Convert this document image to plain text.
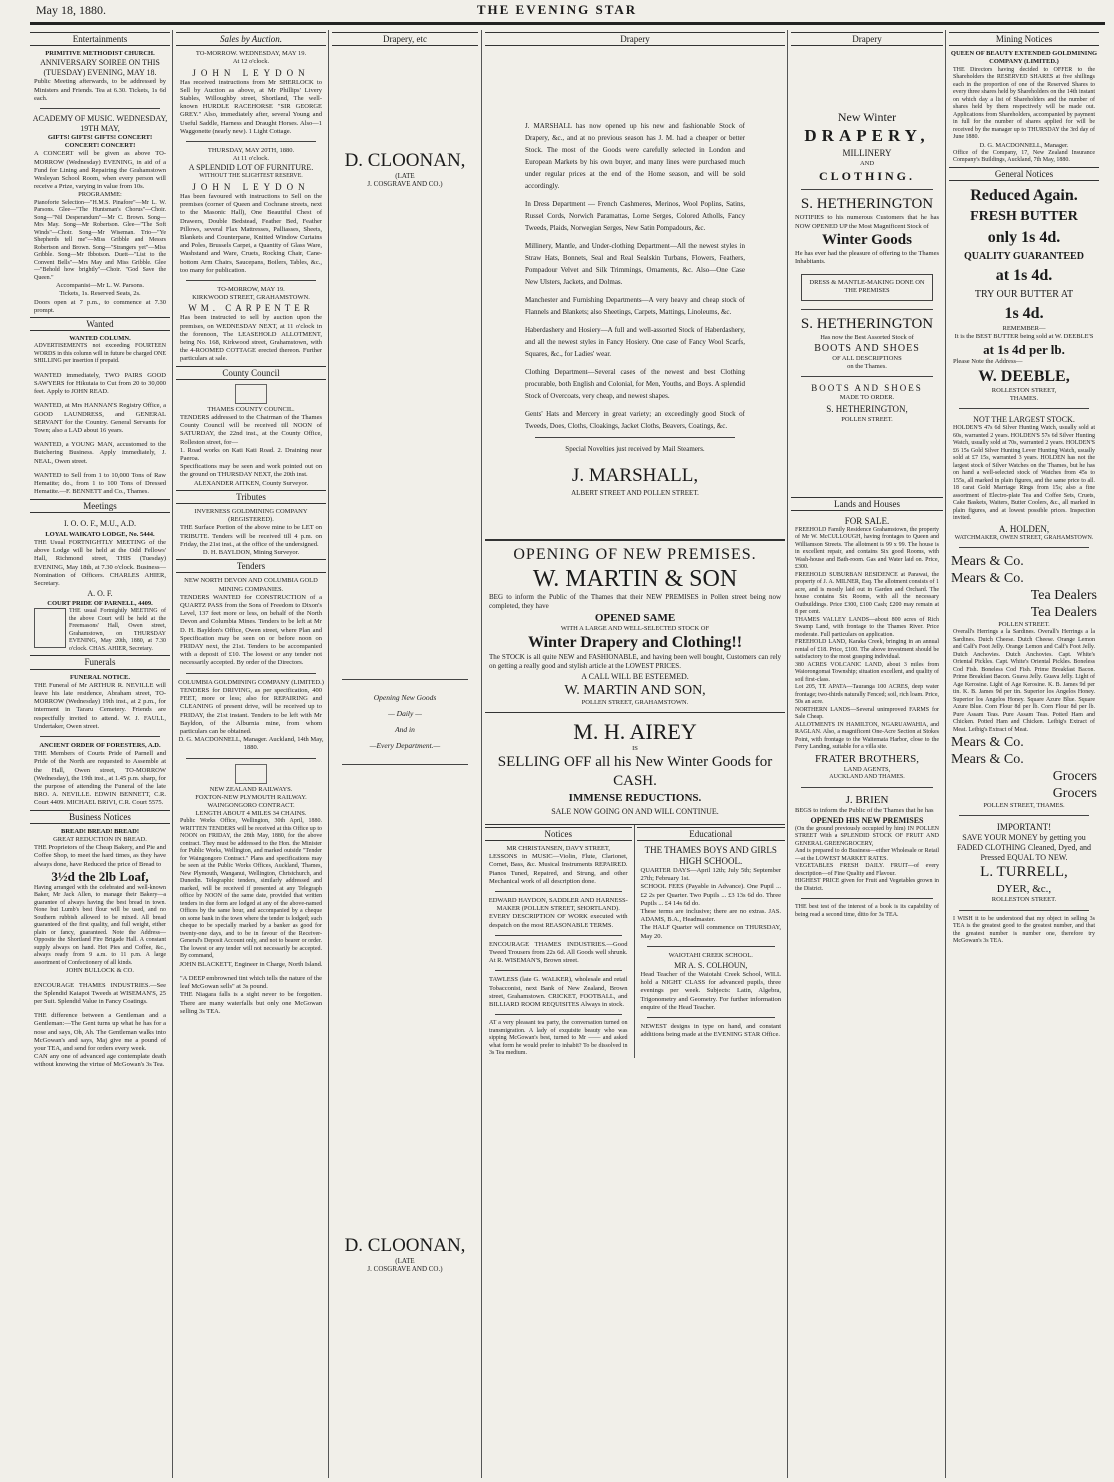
May 18, 1880.	THE EVENING STAR
Entertainments
PRIMITIVE METHODIST CHURCH.
ANNIVERSARY SOIREE ON THIS (TUESDAY) EVENING, MAY 18.
Public Meeting afterwards, to be addressed by Ministers and Friends. Tea at 6.30. Tickets, 1s 6d each.
ACADEMY OF MUSIC. WEDNESDAY, 19TH MAY,
GIFTS! GIFTS! GIFTS! CONCERT! CONCERT! CONCERT!
A CONCERT will be given as above TO-MORROW (Wednesday) EVENING, in aid of a Fund for Lining and Repairing the Grahamstown Wesleyan School Room, when every person will receive a Prize, varying in value from 10s.
PROGRAMME:
Pianoforte Selection—"H.M.S. Pinafore"—Mr L. W. Parsons. Glee—"The Huntsman's Chorus"—Choir. Song—"Nil Desperandum"—Mr C. Brown. Song—Mrs May. Song—Mr Robertson. Glee—"The Soft Winds"—Choir. Song—Mr Wiseman. Trio—"Ye Shepherds tell me"—Miss Gribble and Messrs Robertson and Brown. Song—"Strangers yet"—Miss Gribble. Song—Mr Ibbotson. Duett—"List to the Convent Bells"—Mrs May and Miss Gribble. Glee—"Behold how brightly"—Choir. "God Save the Queen."
Accompanist—Mr L. W. Parsons.
Tickets, 1s. Reserved Seats, 2s.
Doors open at 7 p.m., to commence at 7.30 prompt.
Wanted
WANTED COLUMN.
ADVERTISEMENTS not exceeding FOURTEEN WORDS in this column will in future be charged ONE SHILLING per insertion if prepaid.
WANTED immediately, TWO PAIRS GOOD SAWYERS for Hikutaia to Cut from 20 to 30,000 feet. Apply to JOHN READ.
WANTED, at Mrs HANNAN'S Registry Office, a GOOD LAUNDRESS, and GENERAL SERVANT for the Country. General Servants for Town; also a LAD about 16 years.
WANTED, a YOUNG MAN, accustomed to the Butchering Business. Apply immediately, J. NEAL, Owen street.
WANTED to Sell from 1 to 10,000 Tons of Raw Hematite; do., from 1 to 100 Tons of Dressed Hematite.—F. BENNETT and Co., Thames.
Meetings
I. O. O. F., M.U., A.D.
LOYAL WAIKATO LODGE, No. 5444.
THE Usual FORTNIGHTLY MEETING of the above Lodge will be held at the Odd Fellows' Hall, Richmond street, THIS (Tuesday) EVENING, May 18th, at 7.30 o'clock. Business—Nomination of Officers. CHARLES AHIER, Secretary.
A. O. F.
COURT PRIDE OF PARNELL, 4409.
THE usual Fortnightly MEETING of the above Court will be held at the Freemasons' Hall, Owen street, Grahamstown, on THURSDAY EVENING, May 20th, 1880, at 7.30 o'clock. CHAS. AHIER, Secretary.
Funerals
FUNERAL NOTICE.
THE Funeral of Mr ARTHUR R. NEVILLE will leave his late residence, Abraham street, TO-MORROW (Wednesday) 19th inst., at 2 p.m., for interment in Tararu Cemetery. Friends are respectfully invited to attend. W. J. FAULL, Undertaker, Owen street.
ANCIENT ORDER OF FORESTERS, A.D.
THE Members of Courts Pride of Parnell and Pride of the North are requested to Assemble at the Hall, Owen street, TO-MORROW (Wednesday), the 19th inst., at 1.45 p.m. sharp, for the purpose of attending the Funeral of the late BRO. A. NEVILLE. EDWIN BENNETT, C.R. Court 4409. MICHAEL BRIVI, C.R. Court 5575.
Business Notices
BREAD! BREAD! BREAD!
GREAT REDUCTION IN BREAD.
THE Proprietors of the Cheap Bakery, and Pie and Coffee Shop, to meet the hard times, as they have always done, have Reduced the price of Bread to
3½d the 2lb Loaf,
Having arranged with the celebrated and well-known Baker, Mr Jack Allen, to manage their Bakery—a guarantee of always having the best bread in town. None but Lumb's best flour will be used, and no Southern rubbish allowed to be mixed. All bread guaranteed of the first quality, and full weight, either plain or fancy, guaranteed. Note the Address—Opposite the Shortland Fire Brigade Hall. A constant supply always on hand. Hot Pies and Coffee, &c., always ready from 9 a.m. to 11 p.m. A large assortment of Confectionery of all kinds.
JOHN BULLOCK & CO.
ENCOURAGE THAMES INDUSTRIES.—See the Splendid Kaiapoi Tweeds at WISEMAN'S, 25 per Suit. Splendid Value in Fancy Coatings.
THE difference between a Gentleman and a Gentleman:—The Gent turns up what he has for a nose and says, Oh, Ah. The Gentleman walks into McGowan's and says, Maj give me a pound of your TEA, and send for orders every week.
CAN any one of advanced age contemplate death without knowing the virtue of McGowan's 3s Tea.
Sales by Auction.
TO-MORROW. WEDNESDAY, MAY 19.
At 12 o'clock.
JOHN LEYDON
Has received instructions from Mr SHERLOCK to Sell by Auction as above, at Mr Phillips' Livery Stables, Willoughby street, Shortland, The well-known HURDLE RACEHORSE "SIR GEORGE GREY." Also, immediately after, several Young and Useful Saddle, Harness and Draught Horses. Also—1 Waggonette (nearly new). 1 Light Cottage.
THURSDAY, MAY 20TH, 1880.
At 11 o'clock.
A SPLENDID LOT OF FURNITURE.
WITHOUT THE SLIGHTEST RESERVE.
JOHN LEYDON
Has been favoured with instructions to Sell on the premises (corner of Queen and Cochrane streets, next to the Masonic Hall), One Beautiful Chest of Drawers, Double Bedstead, Feather Bed, Feather Pillows, several Flax Mattresses, Palliasses, Sheets, Blankets and Counterpane, Knitted Window Curtains and Poles, Brussels Carpet, a Quantity of Glass Ware, Washstand and Ware, Cruets, Rocking Chair, Cane-bottom Arm Chairs, Saucepans, Boilers, Tables, &c., too many for publication.
TO-MORROW, MAY 19.
KIRKWOOD STREET, GRAHAMSTOWN.
WM. CARPENTER
Has been instructed to sell by auction upon the premises, on WEDNESDAY NEXT, at 11 o'clock in the forenoon, The LEASEHOLD ALLOTMENT, being No. 168, Kirkwood street, Grahamstown, with the 4-ROOMED COTTAGE erected thereon. Further particulars at sale.
County Council
THAMES COUNTY COUNCIL.
TENDERS addressed to the Chairman of the Thames County Council will be received till NOON of SATURDAY, the 22nd inst., at the County Office, Rolleston street, for—
1. Road works on Kati Kati Road. 2. Draining near Paeroa.
Specifications may be seen and work pointed out on the ground on THURSDAY NEXT, the 20th inst.
ALEXANDER AITKEN, County Surveyor.
Tributes
INVERNESS GOLDMINING COMPANY (REGISTERED).
THE Surface Portion of the above mine to be LET on TRIBUTE. Tenders will be received till 4 p.m. on Friday, the 21st inst., at the office of the undersigned.
D. H. BAYLDON, Mining Surveyor.
Tenders
NEW NORTH DEVON AND COLUMBIA GOLD MINING COMPANIES.
TENDERS WANTED for CONSTRUCTION of a QUARTZ PASS from the Sons of Freedom to Dixon's Level, 137 feet more or less, on behalf of the North Devon and Columbia Mines. Tenders to be left at Mr D. H. Bayldon's Office, Owen street, where Plan and Specification may be seen on or before noon on FRIDAY next, the 21st. Tenders to be accompanied with a deposit of £10. The lowest or any tender not necessarily accepted. By order of the Directors.
COLUMBIA GOLDMINING COMPANY (LIMITED.)
TENDERS for DRIVING, as per specification, 400 FEET, more or less; also for REPAIRING and CLEANING of present drive, will be received up to FRIDAY, the 21st instant. Tenders to be left with Mr Bayldon, of the Alburnia mine, from whom particulars can be obtained.
D. G. MACDONNELL, Manager. Auckland, 14th May, 1880.
NEW ZEALAND RAILWAYS.
FOXTON-NEW PLYMOUTH RAILWAY.
WAINGONGORO CONTRACT.
LENGTH ABOUT 4 MILES 34 CHAINS.
Public Works Office, Wellington, 30th April, 1880. WRITTEN TENDERS will be received at this Office up to NOON on FRIDAY, the 28th May, 1880, for the above contract. They must be addressed to the Hon. the Minister for Public Works, Wellington, and marked outside "Tender for Waingongoro Contract." Plans and specifications may be seen at the Public Works Offices, Auckland, Thames, New Plymouth, Wanganui, Wellington, Christchurch, and Dunedin. Telegraphic tenders, similarly addressed and marked, will be received if presented at any Telegraph office by NOON of the same date, provided that written tenders in due form are lodged at any of the above-named Offices by the same hour, and accompanied by a cheque on some bank in the town where the tender is lodged; such cheque to be specially marked by a banker as good for twenty-one days, and to be in favour of the Receiver-General's Deposit Account only, and not to bearer or order. The lowest or any tender will not necessarily be accepted. By command,
JOHN BLACKETT, Engineer in Charge, North Island.
"A DEEP embrowned tint which tells the nature of the leaf McGowan sells" at 3s pound.
THE Niagara falls is a sight never to be forgotten. There are many waterfalls but only one McGowan selling 3s TEA.
Drapery, etc
D. CLOONAN,
(LATE
J. COSGRAVE AND CO.)
Opening New Goods
— Daily —
And in
—Every Department.—
D. CLOONAN,
(LATE
J. COSGRAVE AND CO.)
Drapery
J. MARSHALL has now opened up his new and fashionable Stock of Drapery, &c., and at no previous season has J. M. had a cheaper or better Stock. The most of the Goods were carefully selected in London and European Markets by his own buyer, and many lines were purchased much under regular prices at the end of the Home season, and will be sold accordingly.
In Dress Department — French Cashmeres, Merinos, Wool Poplins, Satins, Russel Cords, Norwich Paramattas, Lorne Serges, Colored Atholls, Fancy Tweeds, Plaids, Norwegian Serges, New Satin Pompadours, &c.
Millinery, Mantle, and Under-clothing Department—All the newest styles in Straw Hats, Bonnets, Seal and Real Sealskin Turbans, Flowers, Feathers, Pompadour Velvet and Silk Trimmings, Ornaments, &c. Also—One Case New Ulsters, Jackets, and Dolmas.
Manchester and Furnishing Departments—A very heavy and cheap stock of Flannels and Blankets; also Sheetings, Carpets, Mattings, Linoleums, &c.
Haberdashery and Hosiery—A full and well-assorted Stock of Haberdashery, and all the newest styles in Fancy Hosiery. One case of Fancy Wool Scarfs, Squares, &c., for Ladies' wear.
Clothing Department—Several cases of the newest and best Clothing procurable, both English and Colonial, for Men, Youths, and Boys. A splendid Stock of Overcoats, very cheap, and newest shapes.
Gents' Hats and Mercery in great variety; an exceedingly good Stock of Tweeds, Does, Cloths, Cloakings, Jacket Cloths, Beavers, Coatings, &c.
Special Novelties just received by Mail Steamers.
J. MARSHALL,
ALBERT STREET AND POLLEN STREET.
OPENING OF NEW PREMISES.
W. MARTIN & SON
BEG to inform the Public of the Thames that their NEW PREMISES in Pollen street being now completed, they have
OPENED SAME
WITH A LARGE AND WELL-SELECTED STOCK OF
Winter Drapery and Clothing!!
The STOCK is all quite NEW and FASHIONABLE, and having been well bought, Customers can rely on getting a really good and stylish article at the LOWEST PRICES.
A CALL WILL BE ESTEEMED.
W. MARTIN AND SON,
POLLEN STREET, GRAHAMSTOWN.
M. H. AIREY
IS
SELLING OFF all his New Winter Goods for CASH.
IMMENSE REDUCTIONS.
SALE NOW GOING ON AND WILL CONTINUE.
Notices
MR CHRISTANSEN, DAVY STREET,
LESSONS in MUSIC—Violin, Flute, Clarionet, Cornet, Bass, &c. Musical Instruments REPAIRED. Pianos Tuned, Repaired, and Strung, and other Mechanical work of all description done.
EDWARD HAYDON, SADDLER AND HARNESS-MAKER (POLLEN STREET, SHORTLAND).
EVERY DESCRIPTION OF WORK executed with despatch on the most REASONABLE TERMS.
ENCOURAGE THAMES INDUSTRIES.—Good Tweed Trousers from 22s 6d. All Goods well shrunk. At R. WISEMAN'S, Brown street.
TAWLESS (late G. WALKER), wholesale and retail Tobacconist, next Bank of New Zealand, Brown street, Grahamstown. CRICKET, FOOTBALL, and BILLIARD ROOM REQUISITES Always in stock.
AT a very pleasant tea party, the conversation turned on transmigration. A lady of exquisite beauty who was sipping McGowan's best, turned to Mr —— and asked what form he would prefer to inhabit? To be dissolved in 3s Tea medium.
Educational
THE THAMES BOYS AND GIRLS HIGH SCHOOL.
QUARTER DAYS—April 12th; July 5th; September 27th; February 1st.
SCHOOL FEES (Payable in Advance). One Pupil ... £2 2s per Quarter. Two Pupils ... £3 13s 6d do. Three Pupils ... £4 14s 6d do.
These terms are inclusive; there are no extras. JAS. ADAMS, B.A., Headmaster.
The HALF Quarter will commence on THURSDAY, May 20.
WAIOTAHI CREEK SCHOOL.
MR A. S. COLHOUN,
Head Teacher of the Waiotahi Creek School, WILL hold a NIGHT CLASS for advanced pupils, three evenings per week. Subjects: Latin, Algebra, Trigonometry and Geometry. For further information enquire of the Head Teacher.
NEWEST designs in type on hand, and constant additions being made at the EVENING STAR Office.
Drapery
New Winter
DRAPERY,
MILLINERY
AND
CLOTHING.
S. HETHERINGTON
NOTIFIES to his numerous Customers that he has NOW OPENED UP the Most Magnificent Stock of
Winter Goods
He has ever had the pleasure of offering to the Thames Inhabitants.
DRESS & MANTLE-MAKING DONE ON THE PREMISES
S. HETHERINGTON
Has now the Best Assorted Stock of
BOOTS AND SHOES
OF ALL DESCRIPTIONS
on the Thames.
BOOTS AND SHOES
MADE TO ORDER.
S. HETHERINGTON,
POLLEN STREET.
Lands and Houses
FOR SALE.
FREEHOLD Family Residence Grahamstown, the property of Mr W. McCULLOUGH, having frontages to Queen and Williamson Streets. The allotment is 99 x 99. The house is in excellent repair, and contains Six good Rooms, with Wash-house and Bath-room. Gas and Water laid on. Price, £300.
FREEHOLD SUBURBAN RESIDENCE at Parawai, the property of J. A. MILNER, Esq. The allotment consists of 1 acre, and is mostly laid out in Garden and Orchard. The house contains Six Rooms, with all the necessary Outbuildings. Price £300, £100 Cash; £200 may remain at 8 per cent.
THAMES VALLEY LANDS—about 800 acres of Rich Swamp Land, with frontage to the Thames River. Price moderate. Full particulars on application.
FREEHOLD LAND, Karaka Creek, bringing in an annual rental of £18. Price, £100. The above investment should be satisfactory to the most grasping individual.
380 ACRES VOLCANIC LAND, about 3 miles from Waiorongomai Township; situation excellent, and quality of soil first-class.
Lot 205, TE APATA—Tauranga 100 ACRES, deep water frontage; two-thirds naturally Fenced; soil, rich loam. Price, 50s an acre.
NORTHERN LANDS—Several unimproved FARMS for Sale Cheap.
ALLOTMENTS IN HAMILTON, NGARUAWAHIA, and RAGLAN. Also, a magnificent One-Acre Section at Stokes Point, with frontage to the Waitemata Harbor, close to the Ferry Landing, suitable for a villa site.
FRATER BROTHERS,
LAND AGENTS,
AUCKLAND AND THAMES.
J. BRIEN
BEGS to inform the Public of the Thames that he has
OPENED HIS NEW PREMISES
(On the ground previously occupied by him) IN POLLEN STREET With a SPLENDID STOCK OF FRUIT AND GENERAL GREENGROCERY,
And is prepared to do Business—either Wholesale or Retail—at the LOWEST MARKET RATES.
VEGETABLES FRESH DAILY. FRUIT—of every description—of Fine Quality and Flavour.
HIGHEST PRICE given for Fruit and Vegetables grown in the District.
THE best test of the interest of a book is its capability of being read a second time, ditto for 3s TEA.
Mining Notices
QUEEN OF BEAUTY EXTENDED GOLDMINING COMPANY (LIMITED.)
THE Directors having decided to OFFER to the Shareholders the RESERVED SHARES at five shillings each in the proportion of one of the Reserved Shares to every three shares held by Shareholders on the 14th instant on which day a list of Shareholders and the number of shares held by them respectively will be made out. Applications from Shareholders, accompanied by payment in full for the number of shares applied for will be received by the manager up to THURSDAY the 3rd day of June 1880.
D. G. MACDONNELL, Manager.
Office of the Company, 17, New Zealand Insurance Company's Buildings, Auckland, 7th May, 1880.
General Notices
Reduced Again.
FRESH BUTTER
only 1s 4d.
QUALITY GUARANTEED
at 1s 4d.
TRY OUR BUTTER AT
1s 4d.
REMEMBER—
It is the BEST BUTTER being sold at W. DEEBLE'S
at 1s 4d per lb.
Please Note the Address—
W. DEEBLE,
ROLLESTON STREET,
THAMES.
NOT THE LARGEST STOCK.
HOLDEN'S 47s 6d Silver Hunting Watch, usually sold at 60s, warranted 2 years. HOLDEN'S 57s 6d Silver Hunting Watch, usually sold at 70s, warranted 2 years. HOLDEN'S £6 15s Gold Silver Hunting Lever Hunting Watch, usually sold at £7 15s, warranted 3 years. HOLDEN has not the largest stock of Silver Watches on the Thames, but he has on hand a well-selected stock of Watches from 45s to 155s, all marked in plain figures, and the same price to all. 18 carat Gold Marriage Rings from 15s; also a fine assortment of Electro-plate Tea and Coffee Sets, Cruets, Cake Baskets, Waiters, Butter Coolers, &c., all marked in plain figures, and at lowest possible prices. Inspection invited.
A. HOLDEN,
WATCHMAKER, OWEN STREET, GRAHAMSTOWN.
Mears & Co.
Mears & Co.
Tea Dealers
Tea Dealers
POLLEN STREET.
Overall's Herrings a la Sardines. Overall's Herrings a la Sardines. Dutch Cheese. Dutch Cheese. Orange Lemon and Calf's Foot Jelly. Orange Lemon and Calf's Foot Jelly. Dutch Anchovies. Dutch Anchovies. Capt. White's Oriental Pickles. Capt. White's Oriental Pickles. Boneless Cod Fish. Boneless Cod Fish. Prime Breakfast Bacon. Prime Breakfast Bacon. Guava Jelly. Guava Jelly. Light of Age Kerosine. Light of Age Kerosine. K. B. James 9d per tin. K. B. James 9d per tin. Superior los Angelos Honey. Superior los Angelos Honey. Square Azure Blue. Square Azure Blue. Corn Flour 8d per lb. Corn Flour 8d per lb. Pure Assam Teas. Pure Assam Teas. Potted Ham and Chicken. Potted Ham and Chicken. Leibig's Extract of Meat. Leibig's Extract of Meat.
Mears & Co.
Mears & Co.
Grocers
Grocers
POLLEN STREET, THAMES.
IMPORTANT!
SAVE YOUR MONEY by getting you FADED CLOTHING Cleaned, Dyed, and Pressed EQUAL TO NEW.
L. TURRELL,
DYER, &c.,
ROLLESTON STREET.
I WISH it to be understood that my object in selling 3s TEA is the greatest good to the greatest number, and that the greatest number is number one, therefore try McGowan's 3s TEA.
